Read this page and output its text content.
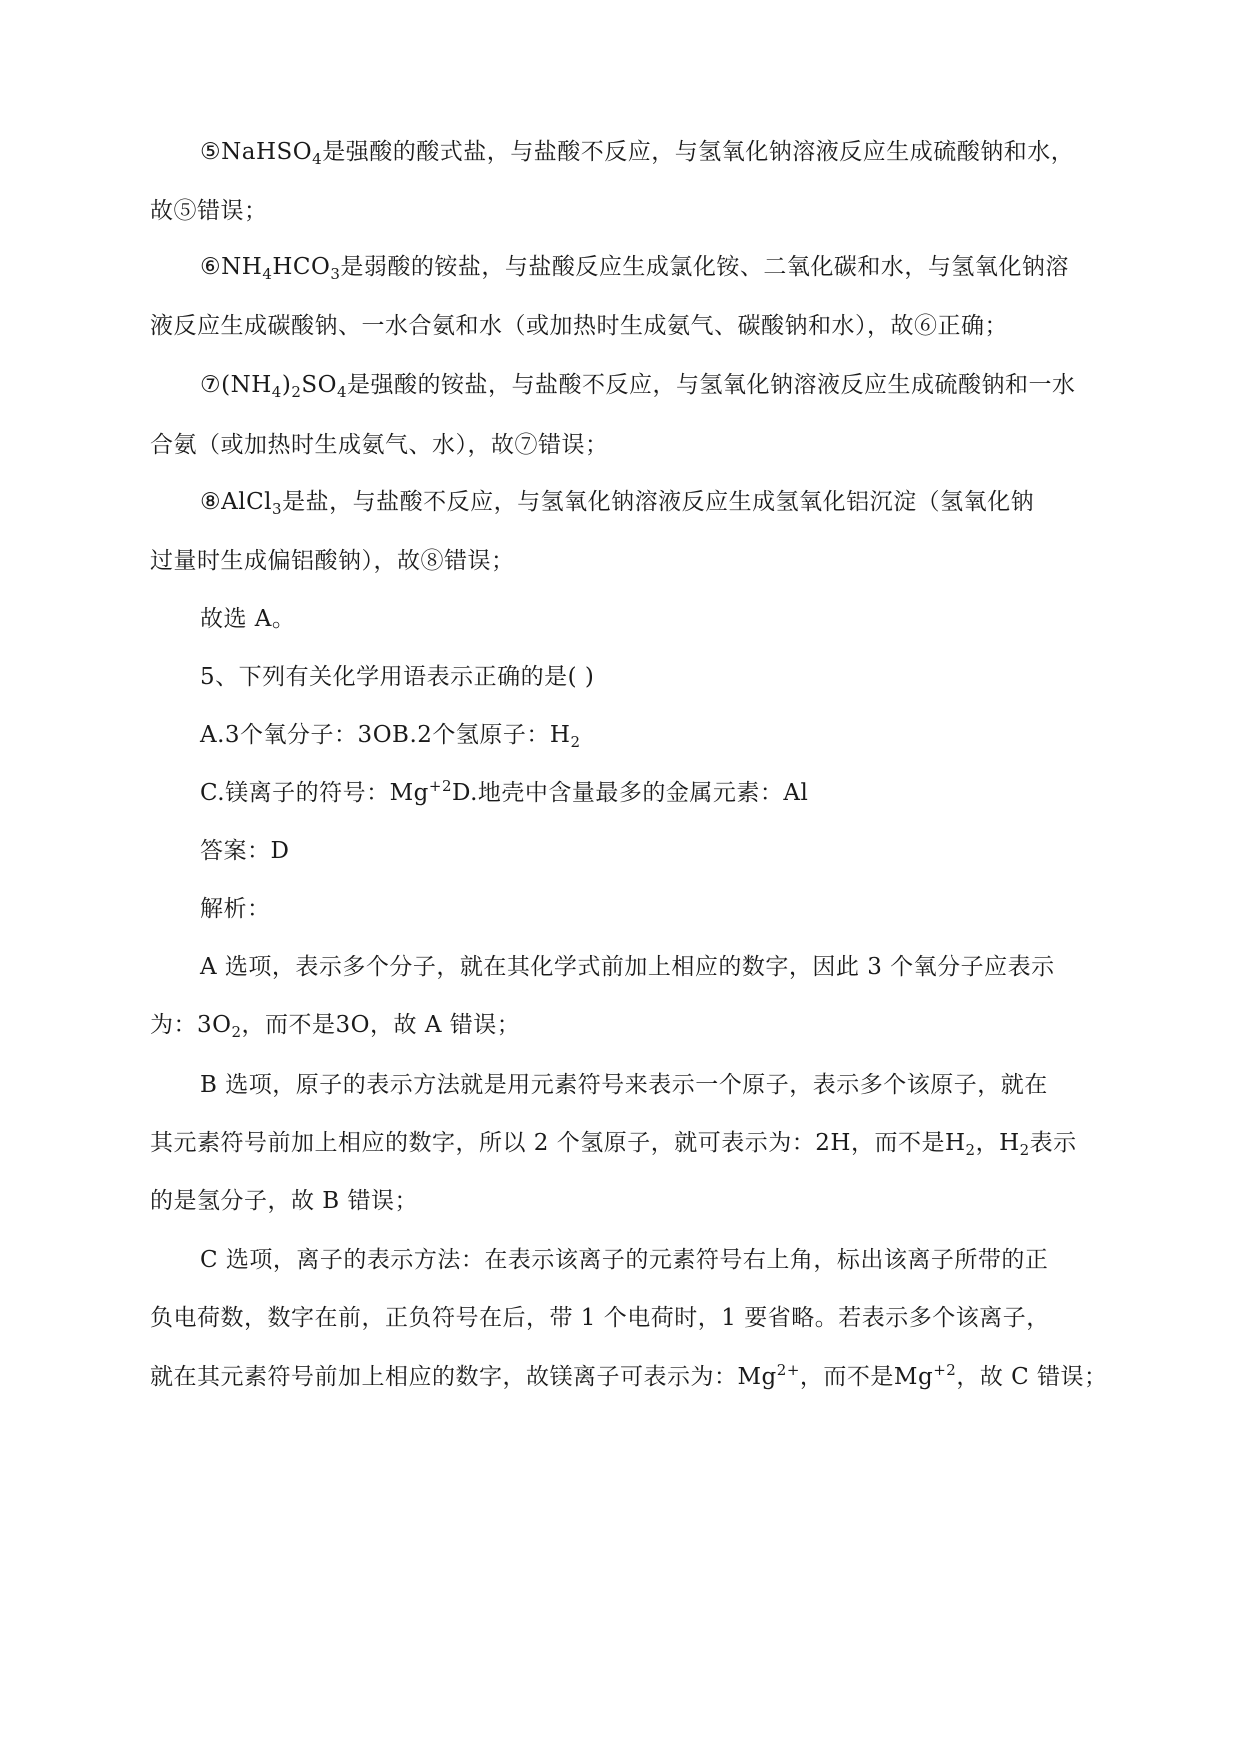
⑤NaHSO$_4$是强酸的酸式盐，与盐酸不反应，与氢氧化钠溶液反应生成硫酸钠和水，
故⑤错误；
$⑥NH_4HCO_3$是弱酸的铵盐，与盐酸反应生成氯化铵、二氧化碳和水，与氢氧化钠溶
液反应生成碳酸钠、一水合氨和水（或加热时生成氨气、碳酸钠和水），故⑥正确；
$⑦(NH_4)_2SO_4$是强酸的铵盐，与盐酸不反应，与氢氧化钠溶液反应生成硫酸钠和一水
合氨（或加热时生成氨气、水），故⑦错误；
⑧AlCl$_3$是盐，与盐酸不反应，与氢氧化钠溶液反应生成氢氧化铝沉淀（氢氧化钠
过量时生成偏铝酸钠），故⑧错误；
故选 A。
5、下列有关化学用语表示正确的是( )
A.3个氧分子：3OB.2个氢原子：$H_2$
C.镁离子的符号：$Mg^{+2}D$.地壳中含量最多的金属元素：Al
答案：D
解析：
A 选项，表示多个分子，就在其化学式前加上相应的数字，因此 3 个氧分子应表示
为：$3O_2$，而不是3O，故 A 错误；
B 选项，原子的表示方法就是用元素符号来表示一个原子，表示多个该原子，就在
其元素符号前加上相应的数字，所以 2 个氢原子，就可表示为：2H，而不是$H_2$，$H_2$表示
的是氢分子，故 B 错误；
C 选项，离子的表示方法：在表示该离子的元素符号右上角，标出该离子所带的正
负电荷数，数字在前，正负符号在后，带 1 个电荷时，1 要省略。若表示多个该离子，
就在其元素符号前加上相应的数字，故镁离子可表示为：$Mg^{2+}$，而不是$Mg^{+2}$，故 C 错误；
